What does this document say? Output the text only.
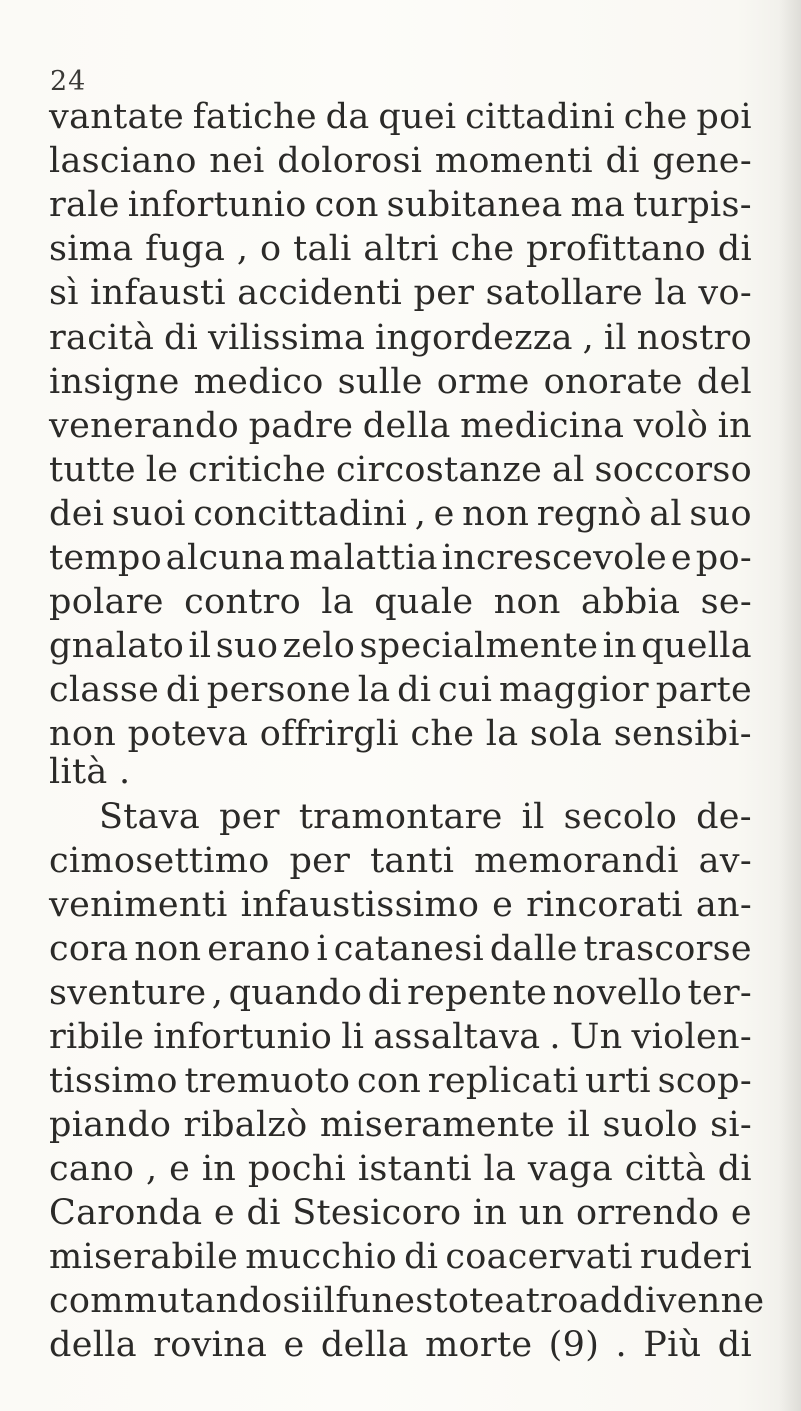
24
vantate fatiche da quei cittadini che poi
lasciano nei dolorosi momenti di gene-
rale infortunio con subitanea ma turpis-
sima fuga , o tali altri che profittano di
sì infausti accidenti per satollare la vo-
racità di vilissima ingordezza , il nostro
insigne medico sulle orme onorate del
venerando padre della medicina volò in
tutte le critiche circostanze al soccorso
dei suoi concittadini , e non regnò al suo
tempo alcuna malattia increscevole e po-
polare contro la quale non abbia se-
gnalato il suo zelo specialmente in quella
classe di persone la di cui maggior parte
non poteva offrirgli che la sola sensibi-
lità .
Stava per tramontare il secolo de-
cimosettimo per tanti memorandi av-
venimenti infaustissimo e rincorati an-
cora non erano i catanesi dalle trascorse
sventure , quando di repente novello ter-
ribile infortunio li assaltava . Un violen-
tissimo tremuoto con replicati urti scop-
piando ribalzò miseramente il suolo si-
cano , e in pochi istanti la vaga città di
Caronda e di Stesicoro in un orrendo e
miserabile mucchio di coacervati ruderi
commutandosi il funesto teatro addivenne
della rovina e della morte (9) . Più di
